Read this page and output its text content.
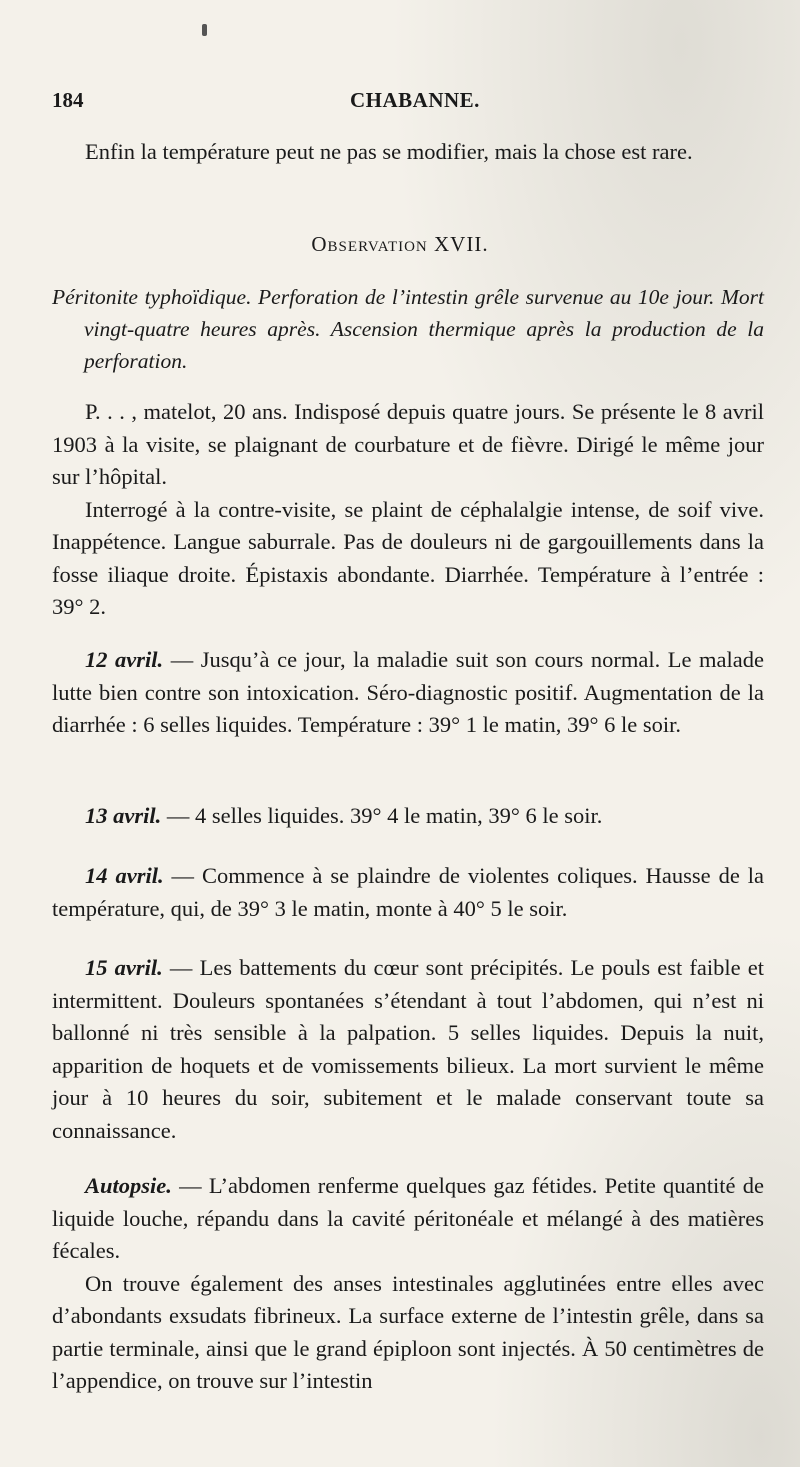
184	CHABANNE.

Enfin la température peut ne pas se modifier, mais la chose est rare.

Observation XVII.

Péritonite typhoïdique. Perforation de l’intestin grêle survenue au 10e jour. Mort vingt-quatre heures après. Ascension thermique après la production de la perforation.

P. . . , matelot, 20 ans. Indisposé depuis quatre jours. Se présente le 8 avril 1903 à la visite, se plaignant de courbature et de fièvre. Dirigé le même jour sur l’hôpital.

Interrogé à la contre-visite, se plaint de céphalalgie intense, de soif vive. Inappétence. Langue saburrale. Pas de douleurs ni de gargouillements dans la fosse iliaque droite. Épistaxis abondante. Diarrhée. Température à l’entrée : 39° 2.

12 avril. — Jusqu’à ce jour, la maladie suit son cours normal. Le malade lutte bien contre son intoxication. Séro-diagnostic positif. Augmentation de la diarrhée : 6 selles liquides. Température : 39° 1 le matin, 39° 6 le soir.

13 avril. — 4 selles liquides. 39° 4 le matin, 39° 6 le soir.

14 avril. — Commence à se plaindre de violentes coliques. Hausse de la température, qui, de 39° 3 le matin, monte à 40° 5 le soir.

15 avril. — Les battements du cœur sont précipités. Le pouls est faible et intermittent. Douleurs spontanées s’étendant à tout l’abdomen, qui n’est ni ballonné ni très sensible à la palpation. 5 selles liquides. Depuis la nuit, apparition de hoquets et de vomissements bilieux. La mort survient le même jour à 10 heures du soir, subitement et le malade conservant toute sa connaissance.

Autopsie. — L’abdomen renferme quelques gaz fétides. Petite quantité de liquide louche, répandu dans la cavité péritonéale et mélangé à des matières fécales.

On trouve également des anses intestinales agglutinées entre elles avec d’abondants exsudats fibrineux. La surface externe de l’intestin grêle, dans sa partie terminale, ainsi que le grand épiploon sont injectés. À 50 centimètres de l’appendice, on trouve sur l’intestin
